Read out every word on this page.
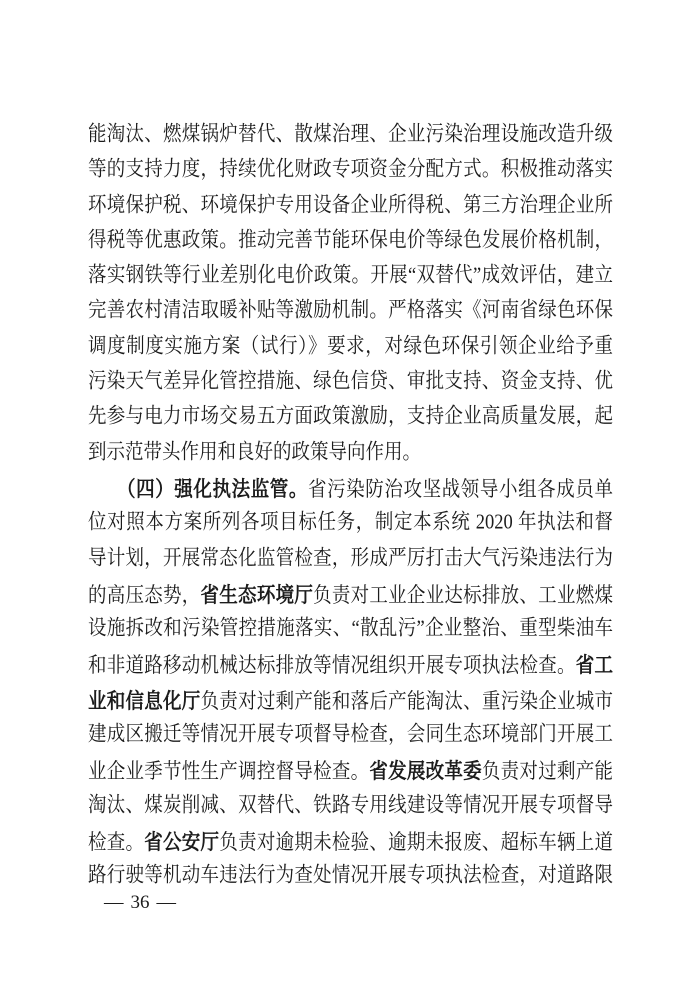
能淘汰、燃煤锅炉替代、散煤治理、企业污染治理设施改造升级
等的支持力度，持续优化财政专项资金分配方式。积极推动落实
环境保护税、环境保护专用设备企业所得税、第三方治理企业所
得税等优惠政策。推动完善节能环保电价等绿色发展价格机制，
落实钢铁等行业差别化电价政策。开展“双替代”成效评估，建立
完善农村清洁取暖补贴等激励机制。严格落实《河南省绿色环保
调度制度实施方案（试行）》要求，对绿色环保引领企业给予重
污染天气差异化管控措施、绿色信贷、审批支持、资金支持、优
先参与电力市场交易五方面政策激励，支持企业高质量发展，起
到示范带头作用和良好的政策导向作用。
（四）强化执法监管。省污染防治攻坚战领导小组各成员单
位对照本方案所列各项目标任务，制定本系统 2020 年执法和督
导计划，开展常态化监管检查，形成严厉打击大气污染违法行为
的高压态势，省生态环境厅负责对工业企业达标排放、工业燃煤
设施拆改和污染管控措施落实、“散乱污”企业整治、重型柴油车
和非道路移动机械达标排放等情况组织开展专项执法检查。省工
业和信息化厅负责对过剩产能和落后产能淘汰、重污染企业城市
建成区搬迁等情况开展专项督导检查，会同生态环境部门开展工
业企业季节性生产调控督导检查。省发展改革委负责对过剩产能
淘汰、煤炭削减、双替代、铁路专用线建设等情况开展专项督导
检查。省公安厅负责对逾期未检验、逾期未报废、超标车辆上道
路行驶等机动车违法行为查处情况开展专项执法检查，对道路限
— 36 —
